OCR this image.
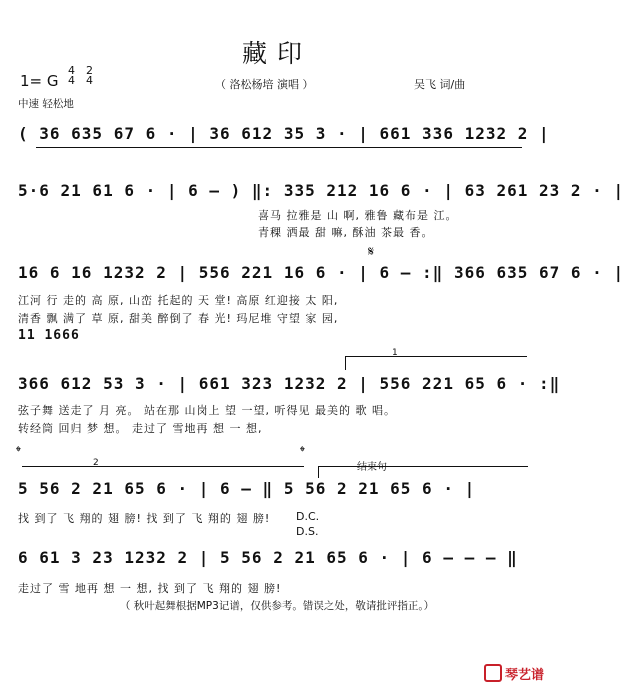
藏印
1= G
4
4
2
4	（ 洛松杨培 演唱 ）	吴飞 词/曲
中速 轻松地
( 36 635 67 6 · | 36 612 35 3 · | 661 336 1232 2 |
5·6 21 61 6 · | 6 – ) ‖: 335 212 16 6 · | 63 261 23 2 · |
喜马 拉雅是 山 啊, 雅鲁 藏布是 江。
青稞 洒最 甜 嘛, 酥油 茶最 香。
𝄋
16 6 16 1232 2 | 556 221 16 6 · | 6 – :‖ 366 635 67 6 · |
江河 行 走的 高 原, 山峦 托起的 天 堂! 高原 红迎接 太 阳,
清香 飘 满了 草 原, 甜美 醉倒了 春 光! 玛尼堆 守望 家 园,
11 1666
1
366 612 53 3 · | 661 323 1232 2 | 556 221 65 6 · :‖
弦子舞 送走了 月 亮。 站在那 山岗上 望 一望, 听得见 最美的 歌 唱。
转经筒 回归 梦 想。 走过了 雪地再 想 一 想,
𝄌	𝄌
2	结束句
5 56 2 21 65 6 · | 6 – ‖ 5 56 2 21 65 6 · |
找 到了 飞 翔的 翅 膀! 找 到了 飞 翔的 翅 膀! D.C.
D.S.
6 61 3 23 1232 2 | 5 56 2 21 65 6 · | 6 – – – ‖
走过了 雪 地再 想 一 想, 找 到了 飞 翔的 翅 膀!
（ 秋叶起舞根据MP3记谱，仅供参考。错误之处，敬请批评指正。）
琴艺谱
